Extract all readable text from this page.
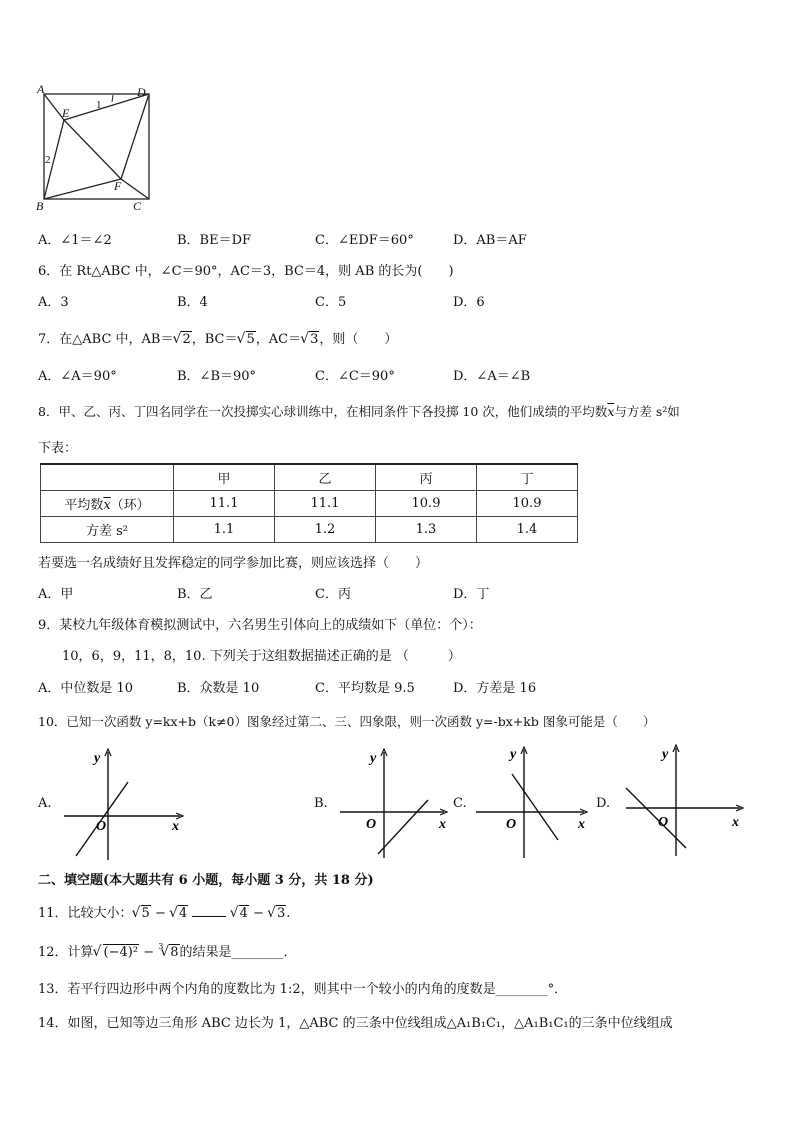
A	D
E
F
B	C
1
2
A．∠1＝∠2	B．BE＝DF	C．∠EDF＝60°	D．AB＝AF
6．在 Rt△ABC 中，∠C＝90°，AC＝3，BC＝4，则 AB 的长为(　　)
A．3	B．4	C．5	D．6
7．在△ABC 中，AB＝ √ 2，BC＝ √ 5，AC＝ √ 3，则（　　）
A．∠A＝90°	B．∠B＝90°	C．∠C＝90°	D．∠A＝∠B
8．甲、乙、丙、丁四名同学在一次投掷实心球训练中，在相同条件下各投掷 10 次，他们成绩的平均数$\overline{x}$与方差 s²如
下表：
	甲	乙	丙	丁
平均数$\overline{x}$（环）	11.1	11.1	10.9	10.9
方差 s²	1.1	1.2	1.3	1.4
若要选一名成绩好且发挥稳定的同学参加比赛，则应该选择（　　）
A．甲	B．乙	C．丙	D．丁
9．某校九年级体育模拟测试中，六名男生引体向上的成绩如下（单位：个）：
10，6，9，11，8，10. 下列关于这组数据描述正确的是 （　　　）
A．中位数是 10	B．众数是 10	C．平均数是 9.5	D．方差是 16
10．已知一次函数 y=kx+b（k≠0）图象经过第二、三、四象限，则一次函数 y=-bx+kb 图象可能是（　　）
A.
y
x
O
B.
y
x
O
C.
y
x
O
D.
y
x
O
二、填空题(本大题共有 6 小题，每小题 3 分，共 18 分)
11．比较大小： √ 5 − √ 4	√ 4 − √ 3.
12．计算 √ (−4)² − 3 √ 8的结果是________．
13．若平行四边形中两个内角的度数比为 1:2，则其中一个较小的内角的度数是________°．
14．如图，已知等边三角形 ABC 边长为 1，△ABC 的三条中位线组成△A₁B₁C₁，△A₁B₁C₁的三条中位线组成
